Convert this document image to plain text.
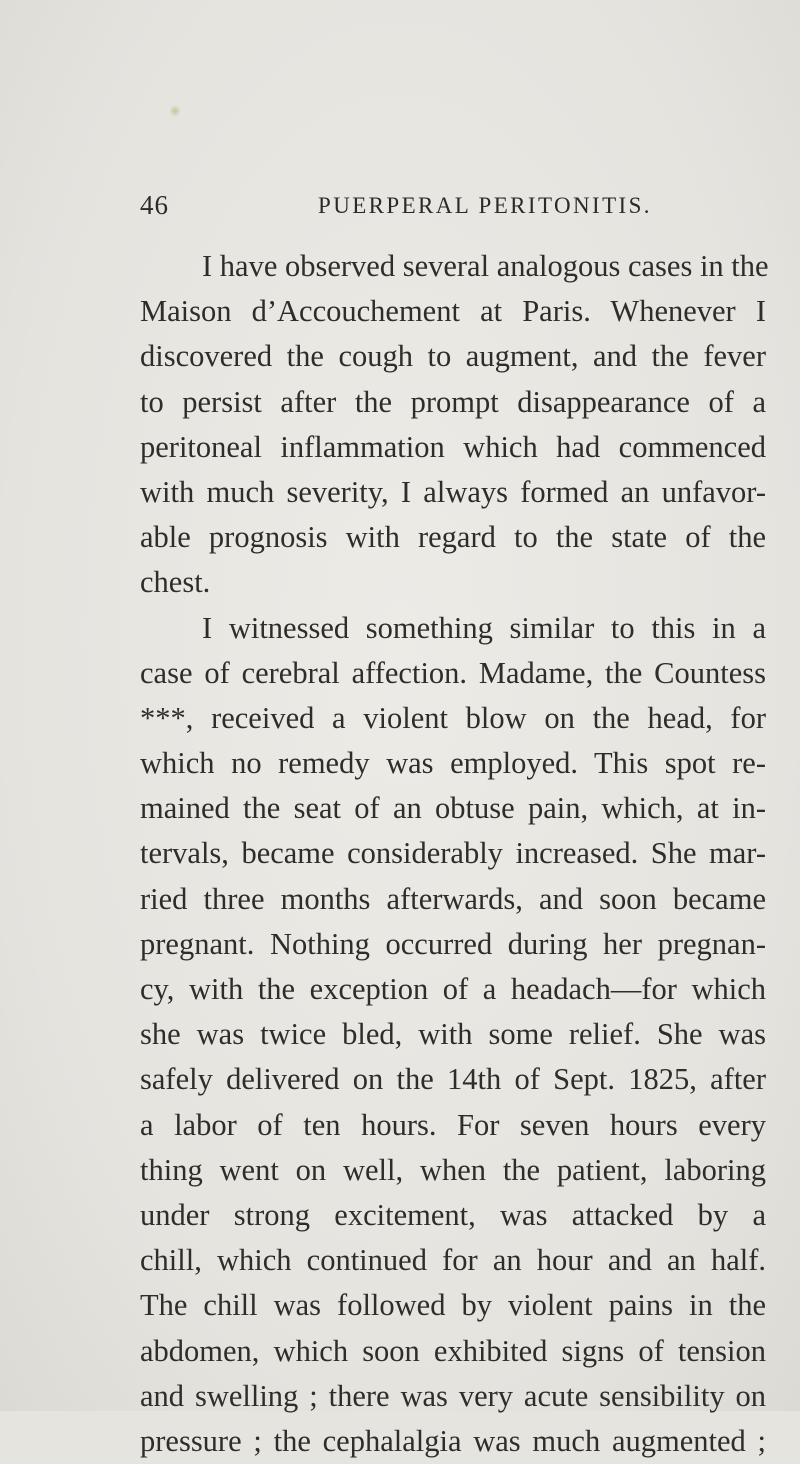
46	PUERPERAL PERITONITIS.
I have observed several analogous cases in the
Maison d’Accouchement at Paris. Whenever I
discovered the cough to augment, and the fever
to persist after the prompt disappearance of a
peritoneal inflammation which had commenced
with much severity, I always formed an unfavor-
able prognosis with regard to the state of the
chest.
I witnessed something similar to this in a
case of cerebral affection. Madame, the Countess
***, received a violent blow on the head, for
which no remedy was employed. This spot re-
mained the seat of an obtuse pain, which, at in-
tervals, became considerably increased. She mar-
ried three months afterwards, and soon became
pregnant. Nothing occurred during her pregnan-
cy, with the exception of a headach—for which
she was twice bled, with some relief. She was
safely delivered on the 14th of Sept. 1825, after
a labor of ten hours. For seven hours every
thing went on well, when the patient, laboring
under strong excitement, was attacked by a
chill, which continued for an hour and an half.
The chill was followed by violent pains in the
abdomen, which soon exhibited signs of tension
and swelling ; there was very acute sensibility on
pressure ; the cephalalgia was much augmented ;
